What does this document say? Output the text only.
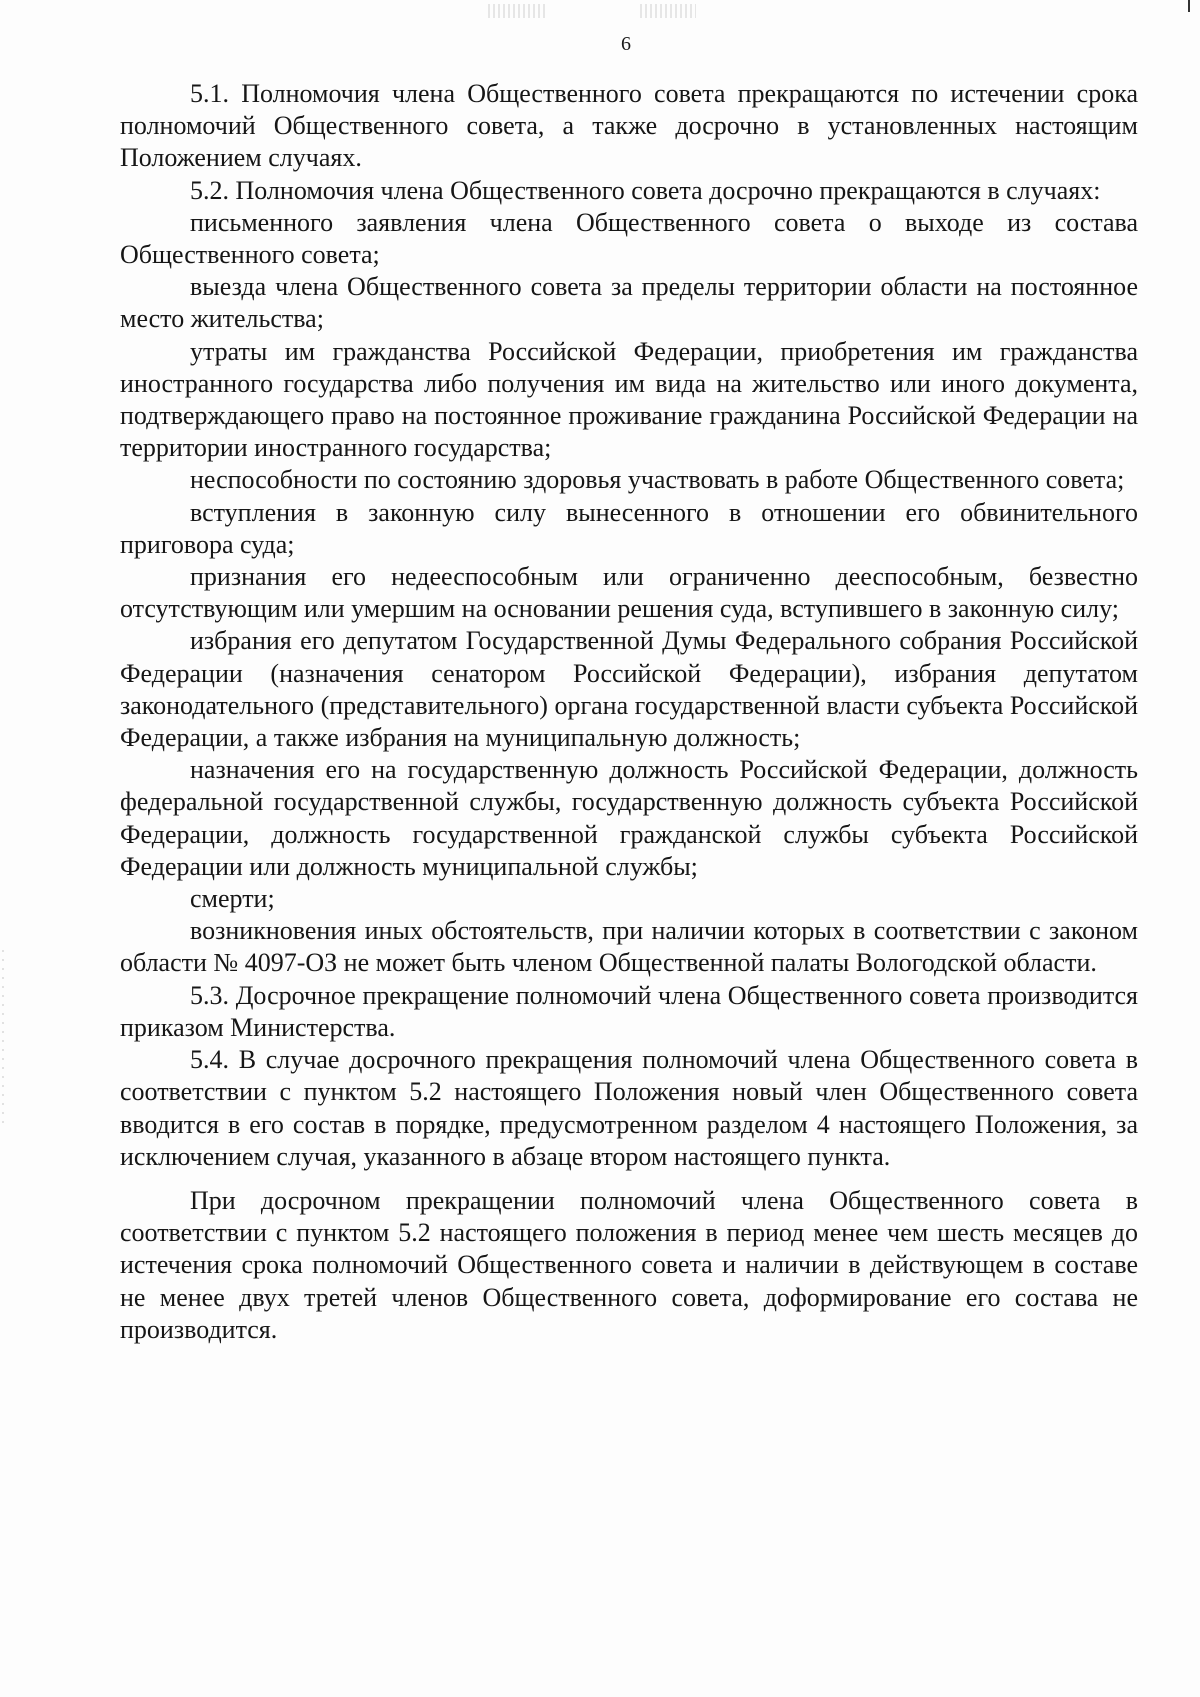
6

5.1. Полномочия члена Общественного совета прекращаются по истечении срока полномочий Общественного совета, а также досрочно в установленных настоящим Положением случаях.

5.2. Полномочия члена Общественного совета досрочно прекращаются в случаях:

письменного заявления члена Общественного совета о выходе из состава Общественного совета;

выезда члена Общественного совета за пределы территории области на постоянное место жительства;

утраты им гражданства Российской Федерации, приобретения им гражданства иностранного государства либо получения им вида на жительство или иного документа, подтверждающего право на постоянное проживание гражданина Российской Федерации на территории иностранного государства;

неспособности по состоянию здоровья участвовать в работе Общественного совета;

вступления в законную силу вынесенного в отношении его обвинительного приговора суда;

признания его недееспособным или ограниченно дееспособным, безвестно отсутствующим или умершим на основании решения суда, вступившего в законную силу;

избрания его депутатом Государственной Думы Федерального собрания Российской Федерации (назначения сенатором Российской Федерации), избрания депутатом законодательного (представительного) органа государственной власти субъекта Российской Федерации, а также избрания на муниципальную должность;

назначения его на государственную должность Российской Федерации, должность федеральной государственной службы, государственную должность субъекта Российской Федерации, должность государственной гражданской службы субъекта Российской Федерации или должность муниципальной службы;

смерти;

возникновения иных обстоятельств, при наличии которых в соответствии с законом области № 4097-ОЗ не может быть членом Общественной палаты Вологодской области.

5.3. Досрочное прекращение полномочий члена Общественного совета производится приказом Министерства.

5.4. В случае досрочного прекращения полномочий члена Общественного совета в соответствии с пунктом 5.2 настоящего Положения новый член Общественного совета вводится в его состав в порядке, предусмотренном разделом 4 настоящего Положения, за исключением случая, указанного в абзаце втором настоящего пункта.

При досрочном прекращении полномочий члена Общественного совета в соответствии с пунктом 5.2 настоящего положения в период менее чем шесть месяцев до истечения срока полномочий Общественного совета и наличии в действующем в составе не менее двух третей членов Общественного совета, доформирование его состава не производится.
